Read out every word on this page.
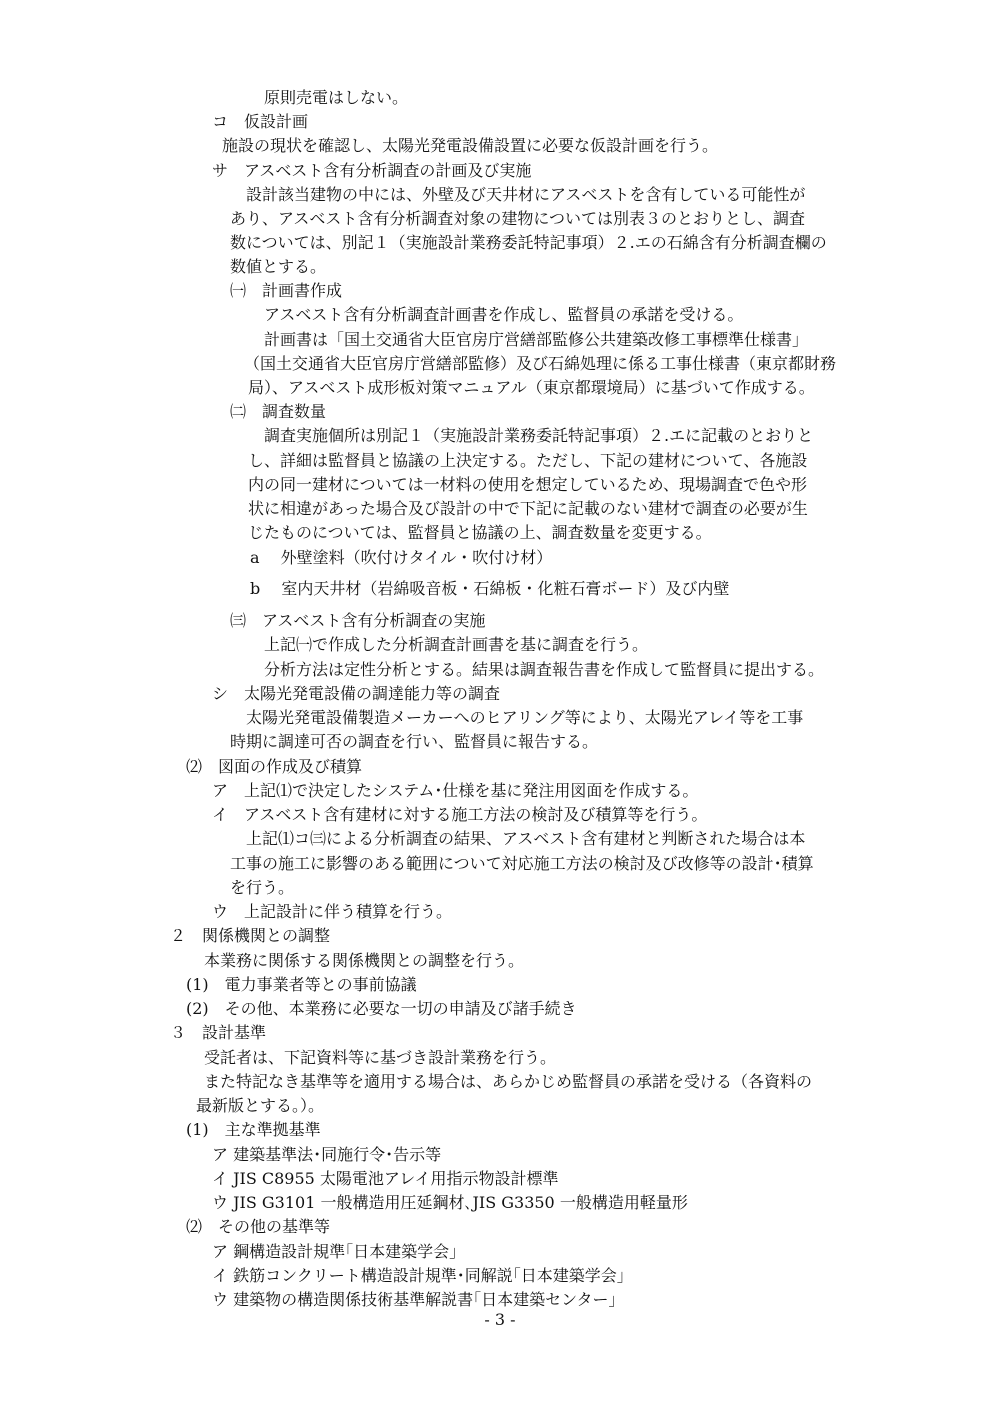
原則売電はしない。
コ　仮設計画
施設の現状を確認し、太陽光発電設備設置に必要な仮設計画を行う。
サ　アスベスト含有分析調査の計画及び実施
設計該当建物の中には、外壁及び天井材にアスベストを含有している可能性が
あり、アスベスト含有分析調査対象の建物については別表３のとおりとし、調査
数については、別記１（実施設計業務委託特記事項）２.エの石綿含有分析調査欄の
数値とする。
㈠　計画書作成
アスベスト含有分析調査計画書を作成し、監督員の承諾を受ける。
計画書は「国土交通省大臣官房庁営繕部監修公共建築改修工事標準仕様書」
（国土交通省大臣官房庁営繕部監修）及び石綿処理に係る工事仕様書（東京都財務
局）、アスベスト成形板対策マニュアル（東京都環境局）に基づいて作成する。
㈡　調査数量
調査実施個所は別記１（実施設計業務委託特記事項）２.エに記載のとおりと
し、詳細は監督員と協議の上決定する。ただし、下記の建材について、各施設
内の同一建材については一材料の使用を想定しているため、現場調査で色や形
状に相違があった場合及び設計の中で下記に記載のない建材で調査の必要が生
じたものについては、監督員と協議の上、調査数量を変更する。
a　 外壁塗料（吹付けタイル・吹付け材）
b　 室内天井材（岩綿吸音板・石綿板・化粧石膏ボード）及び内壁
㈢　アスベスト含有分析調査の実施
上記㈠で作成した分析調査計画書を基に調査を行う。
分析方法は定性分析とする。結果は調査報告書を作成して監督員に提出する。
シ　太陽光発電設備の調達能力等の調査
太陽光発電設備製造メーカーへのヒアリング等により、太陽光アレイ等を工事
時期に調達可否の調査を行い、監督員に報告する。
⑵　図面の作成及び積算
ア　上記⑴で決定したシステム･仕様を基に発注用図面を作成する。
イ　アスベスト含有建材に対する施工方法の検討及び積算等を行う。
上記⑴コ㈢による分析調査の結果、アスベスト含有建材と判断された場合は本
工事の施工に影響のある範囲について対応施工方法の検討及び改修等の設計･積算
を行う。
ウ　上記設計に伴う積算を行う。
２　関係機関との調整
本業務に関係する関係機関との調整を行う。
(1)　電力事業者等との事前協議
(2)　その他、本業務に必要な一切の申請及び諸手続き
３　設計基準
受託者は、下記資料等に基づき設計業務を行う。
また特記なき基準等を適用する場合は、あらかじめ監督員の承諾を受ける（各資料の
最新版とする。）。
(1)　主な準拠基準
ア 建築基準法･同施行令･告示等
イ JIS C8955 太陽電池アレイ用指示物設計標準
ウ JIS G3101 一般構造用圧延鋼材､JIS G3350 一般構造用軽量形
⑵　その他の基準等
ア 鋼構造設計規準｢日本建築学会｣
イ 鉄筋コンクリート構造設計規準･同解説｢日本建築学会｣
ウ 建築物の構造関係技術基準解説書｢日本建築センター｣
- 3 -
